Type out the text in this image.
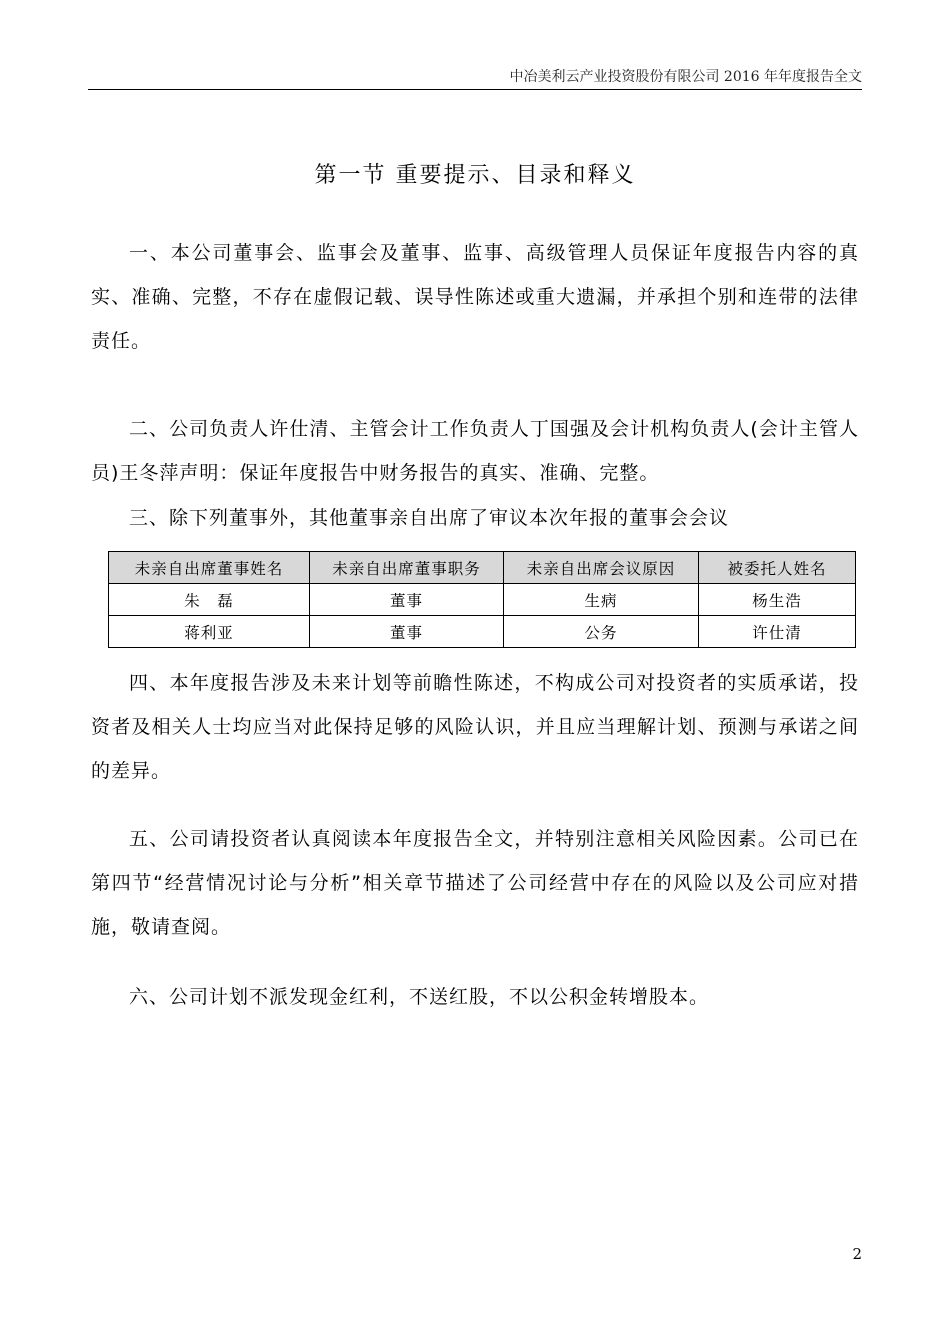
中冶美利云产业投资股份有限公司 2016 年年度报告全文
第一节 重要提示、目录和释义

一、本公司董事会、监事会及董事、监事、高级管理人员保证年度报告内容的真实、准确、完整，不存在虚假记载、误导性陈述或重大遗漏，并承担个别和连带的法律责任。

二、公司负责人许仕清、主管会计工作负责人丁国强及会计机构负责人(会计主管人员)王冬萍声明：保证年度报告中财务报告的真实、准确、完整。

三、除下列董事外，其他董事亲自出席了审议本次年报的董事会会议

未亲自出席董事姓名	未亲自出席董事职务	未亲自出席会议原因	被委托人姓名
朱　磊	董事	生病	杨生浩
蒋利亚	董事	公务	许仕清

四、本年度报告涉及未来计划等前瞻性陈述，不构成公司对投资者的实质承诺，投资者及相关人士均应当对此保持足够的风险认识，并且应当理解计划、预测与承诺之间的差异。

五、公司请投资者认真阅读本年度报告全文，并特别注意相关风险因素。公司已在第四节“经营情况讨论与分析”相关章节描述了公司经营中存在的风险以及公司应对措施，敬请查阅。

六、公司计划不派发现金红利，不送红股，不以公积金转增股本。

2
